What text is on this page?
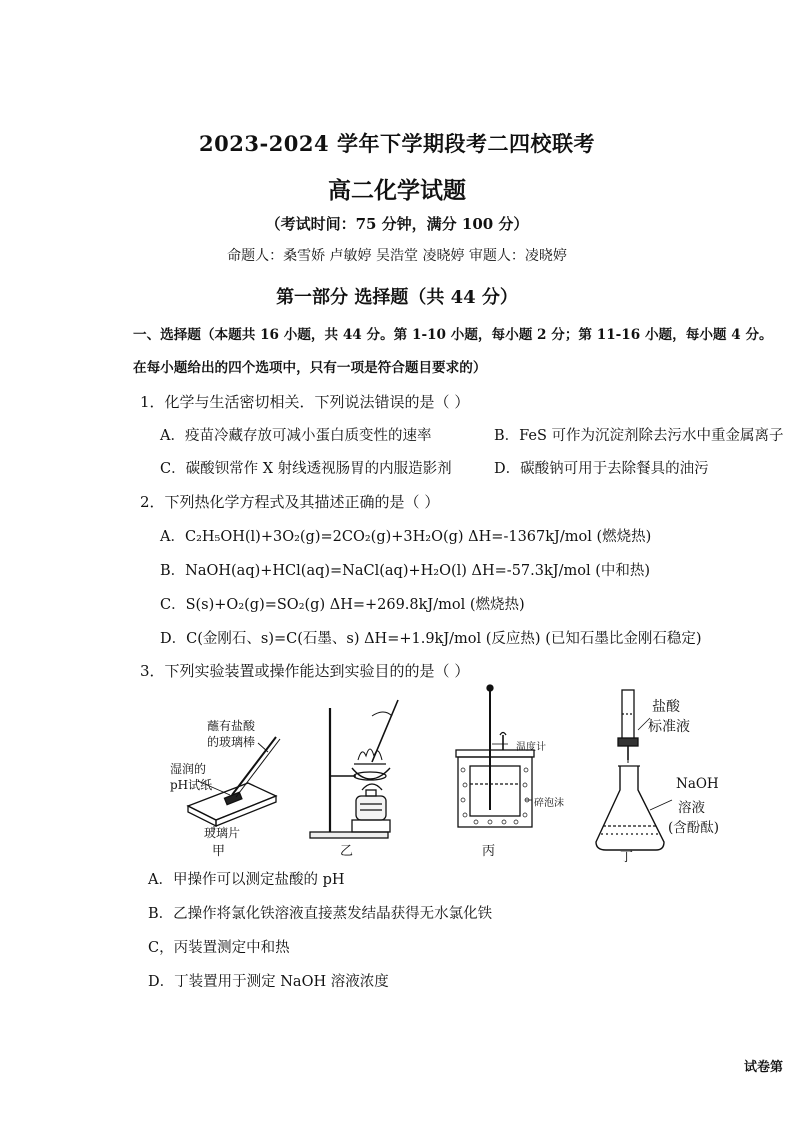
2023-2024 学年下学期段考二四校联考
高二化学试题
（考试时间：75 分钟，满分 100 分）
命题人：桑雪娇 卢敏婷 吴浩堂 凌晓婷 审题人：凌晓婷
第一部分 选择题（共 44 分）
一、选择题（本题共 16 小题，共 44 分。第 1-10 小题，每小题 2 分；第 11-16 小题，每小题 4 分。
在每小题给出的四个选项中，只有一项是符合题目要求的）
1．化学与生活密切相关．下列说法错误的是（ ）
A．疫苗冷藏存放可减小蛋白质变性的速率	B．FeS 可作为沉淀剂除去污水中重金属离子
C．碳酸钡常作 X 射线透视肠胃的内服造影剂	D．碳酸钠可用于去除餐具的油污
2．下列热化学方程式及其描述正确的是（ ）
A．C₂H₅OH(l)+3O₂(g)=2CO₂(g)+3H₂O(g) ΔH=-1367kJ/mol (燃烧热)
B．NaOH(aq)+HCl(aq)=NaCl(aq)+H₂O(l) ΔH=-57.3kJ/mol (中和热)
C．S(s)+O₂(g)=SO₂(g) ΔH=+269.8kJ/mol (燃烧热)
D．C(金刚石、s)=C(石墨、s) ΔH=+1.9kJ/mol (反应热) (已知石墨比金刚石稳定)
3．下列实验装置或操作能达到实验目的的是（ ）
蘸有盐酸
的玻璃棒
湿润的
pH试纸
玻璃片
甲	乙
温度计
碎泡沫
丙
盐酸
标准液
NaOH
溶液
(含酚酞)
丁
A．甲操作可以测定盐酸的 pH
B．乙操作将氯化铁溶液直接蒸发结晶获得无水氯化铁
C，丙装置测定中和热
D．丁装置用于测定 NaOH 溶液浓度
试卷第
